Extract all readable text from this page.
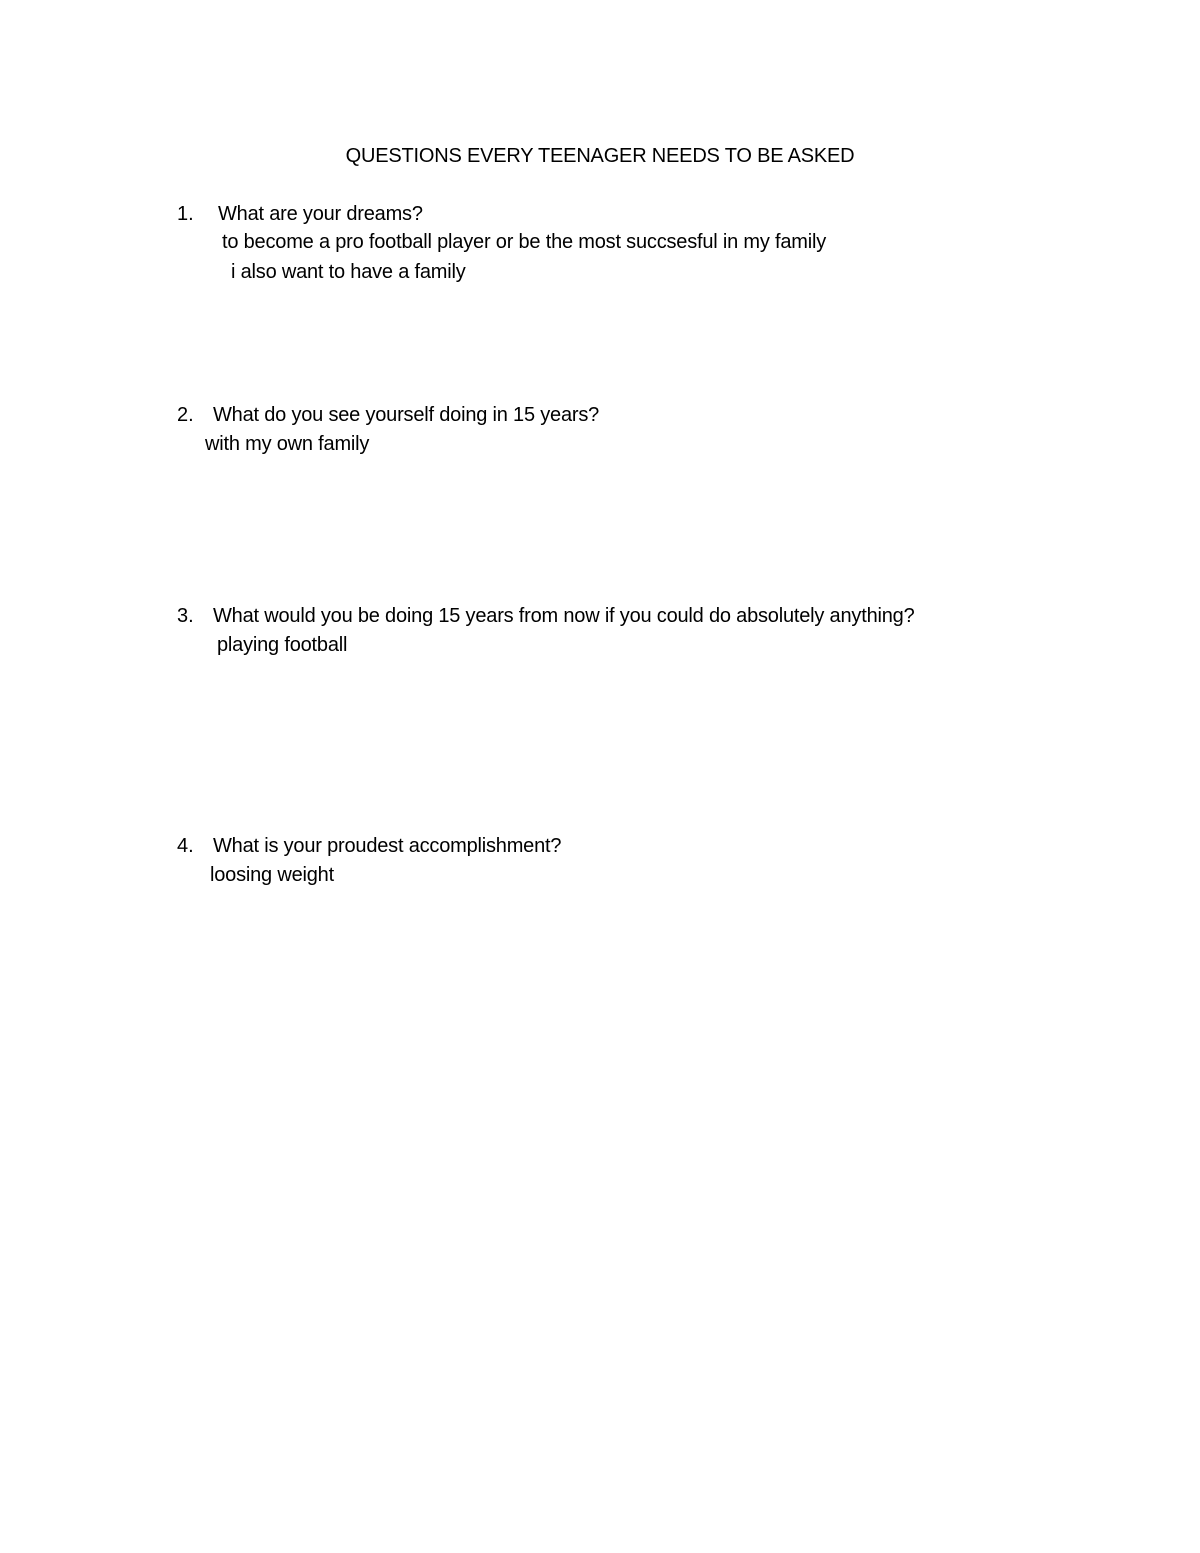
QUESTIONS EVERY TEENAGER NEEDS TO BE ASKED
1. What are your dreams?
to become a pro football player or be the most succsesful in my family
i also want to have a family
2. What do you see yourself doing in 15 years?
with my own family
3. What would you be doing 15 years from now if you could do absolutely anything?
playing football
4. What is your proudest accomplishment?
loosing weight
